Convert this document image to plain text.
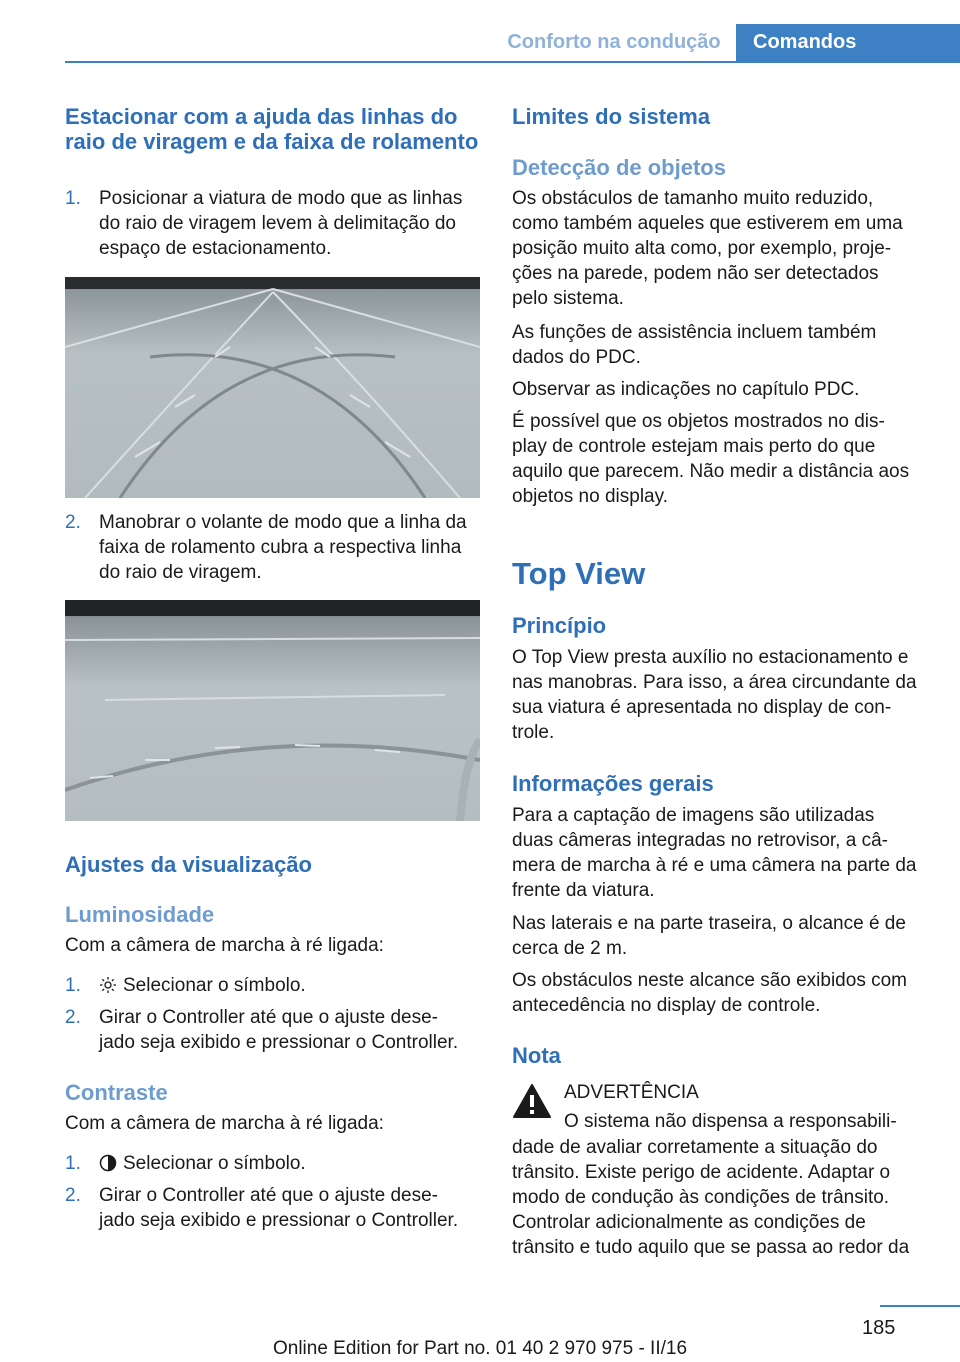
Conforto na condução	Comandos
Estacionar com a ajuda das linhas do raio de viragem e da faixa de rolamento
1. Posicionar a viatura de modo que as linhas
do raio de viragem levem à delimitação do
espaço de estacionamento.
2. Manobrar o volante de modo que a linha da
faixa de rolamento cubra a respectiva linha
do raio de viragem.
Ajustes da visualização
Luminosidade
Com a câmera de marcha à ré ligada:
1.	Selecionar o símbolo.
2. Girar o Controller até que o ajuste dese-
jado seja exibido e pressionar o Controller.
Contraste
Com a câmera de marcha à ré ligada:
1.	Selecionar o símbolo.
2. Girar o Controller até que o ajuste dese-
jado seja exibido e pressionar o Controller.
Limites do sistema
Detecção de objetos
Os obstáculos de tamanho muito reduzido,
como também aqueles que estiverem em uma
posição muito alta como, por exemplo, proje-
ções na parede, podem não ser detectados
pelo sistema.
As funções de assistência incluem também
dados do PDC.
Observar as indicações no capítulo PDC.
É possível que os objetos mostrados no dis-
play de controle estejam mais perto do que
aquilo que parecem. Não medir a distância aos
objetos no display.
Top View
Princípio
O Top View presta auxílio no estacionamento e
nas manobras. Para isso, a área circundante da
sua viatura é apresentada no display de con-
trole.
Informações gerais
Para a captação de imagens são utilizadas
duas câmeras integradas no retrovisor, a câ-
mera de marcha à ré e uma câmera na parte da
frente da viatura.
Nas laterais e na parte traseira, o alcance é de
cerca de 2 m.
Os obstáculos neste alcance são exibidos com
antecedência no display de controle.
Nota
ADVERTÊNCIA
O sistema não dispensa a responsabili-
dade de avaliar corretamente a situação do
trânsito. Existe perigo de acidente. Adaptar o
modo de condução às condições de trânsito.
Controlar adicionalmente as condições de
trânsito e tudo aquilo que se passa ao redor da
185
Online Edition for Part no. 01 40 2 970 975 - II/16
